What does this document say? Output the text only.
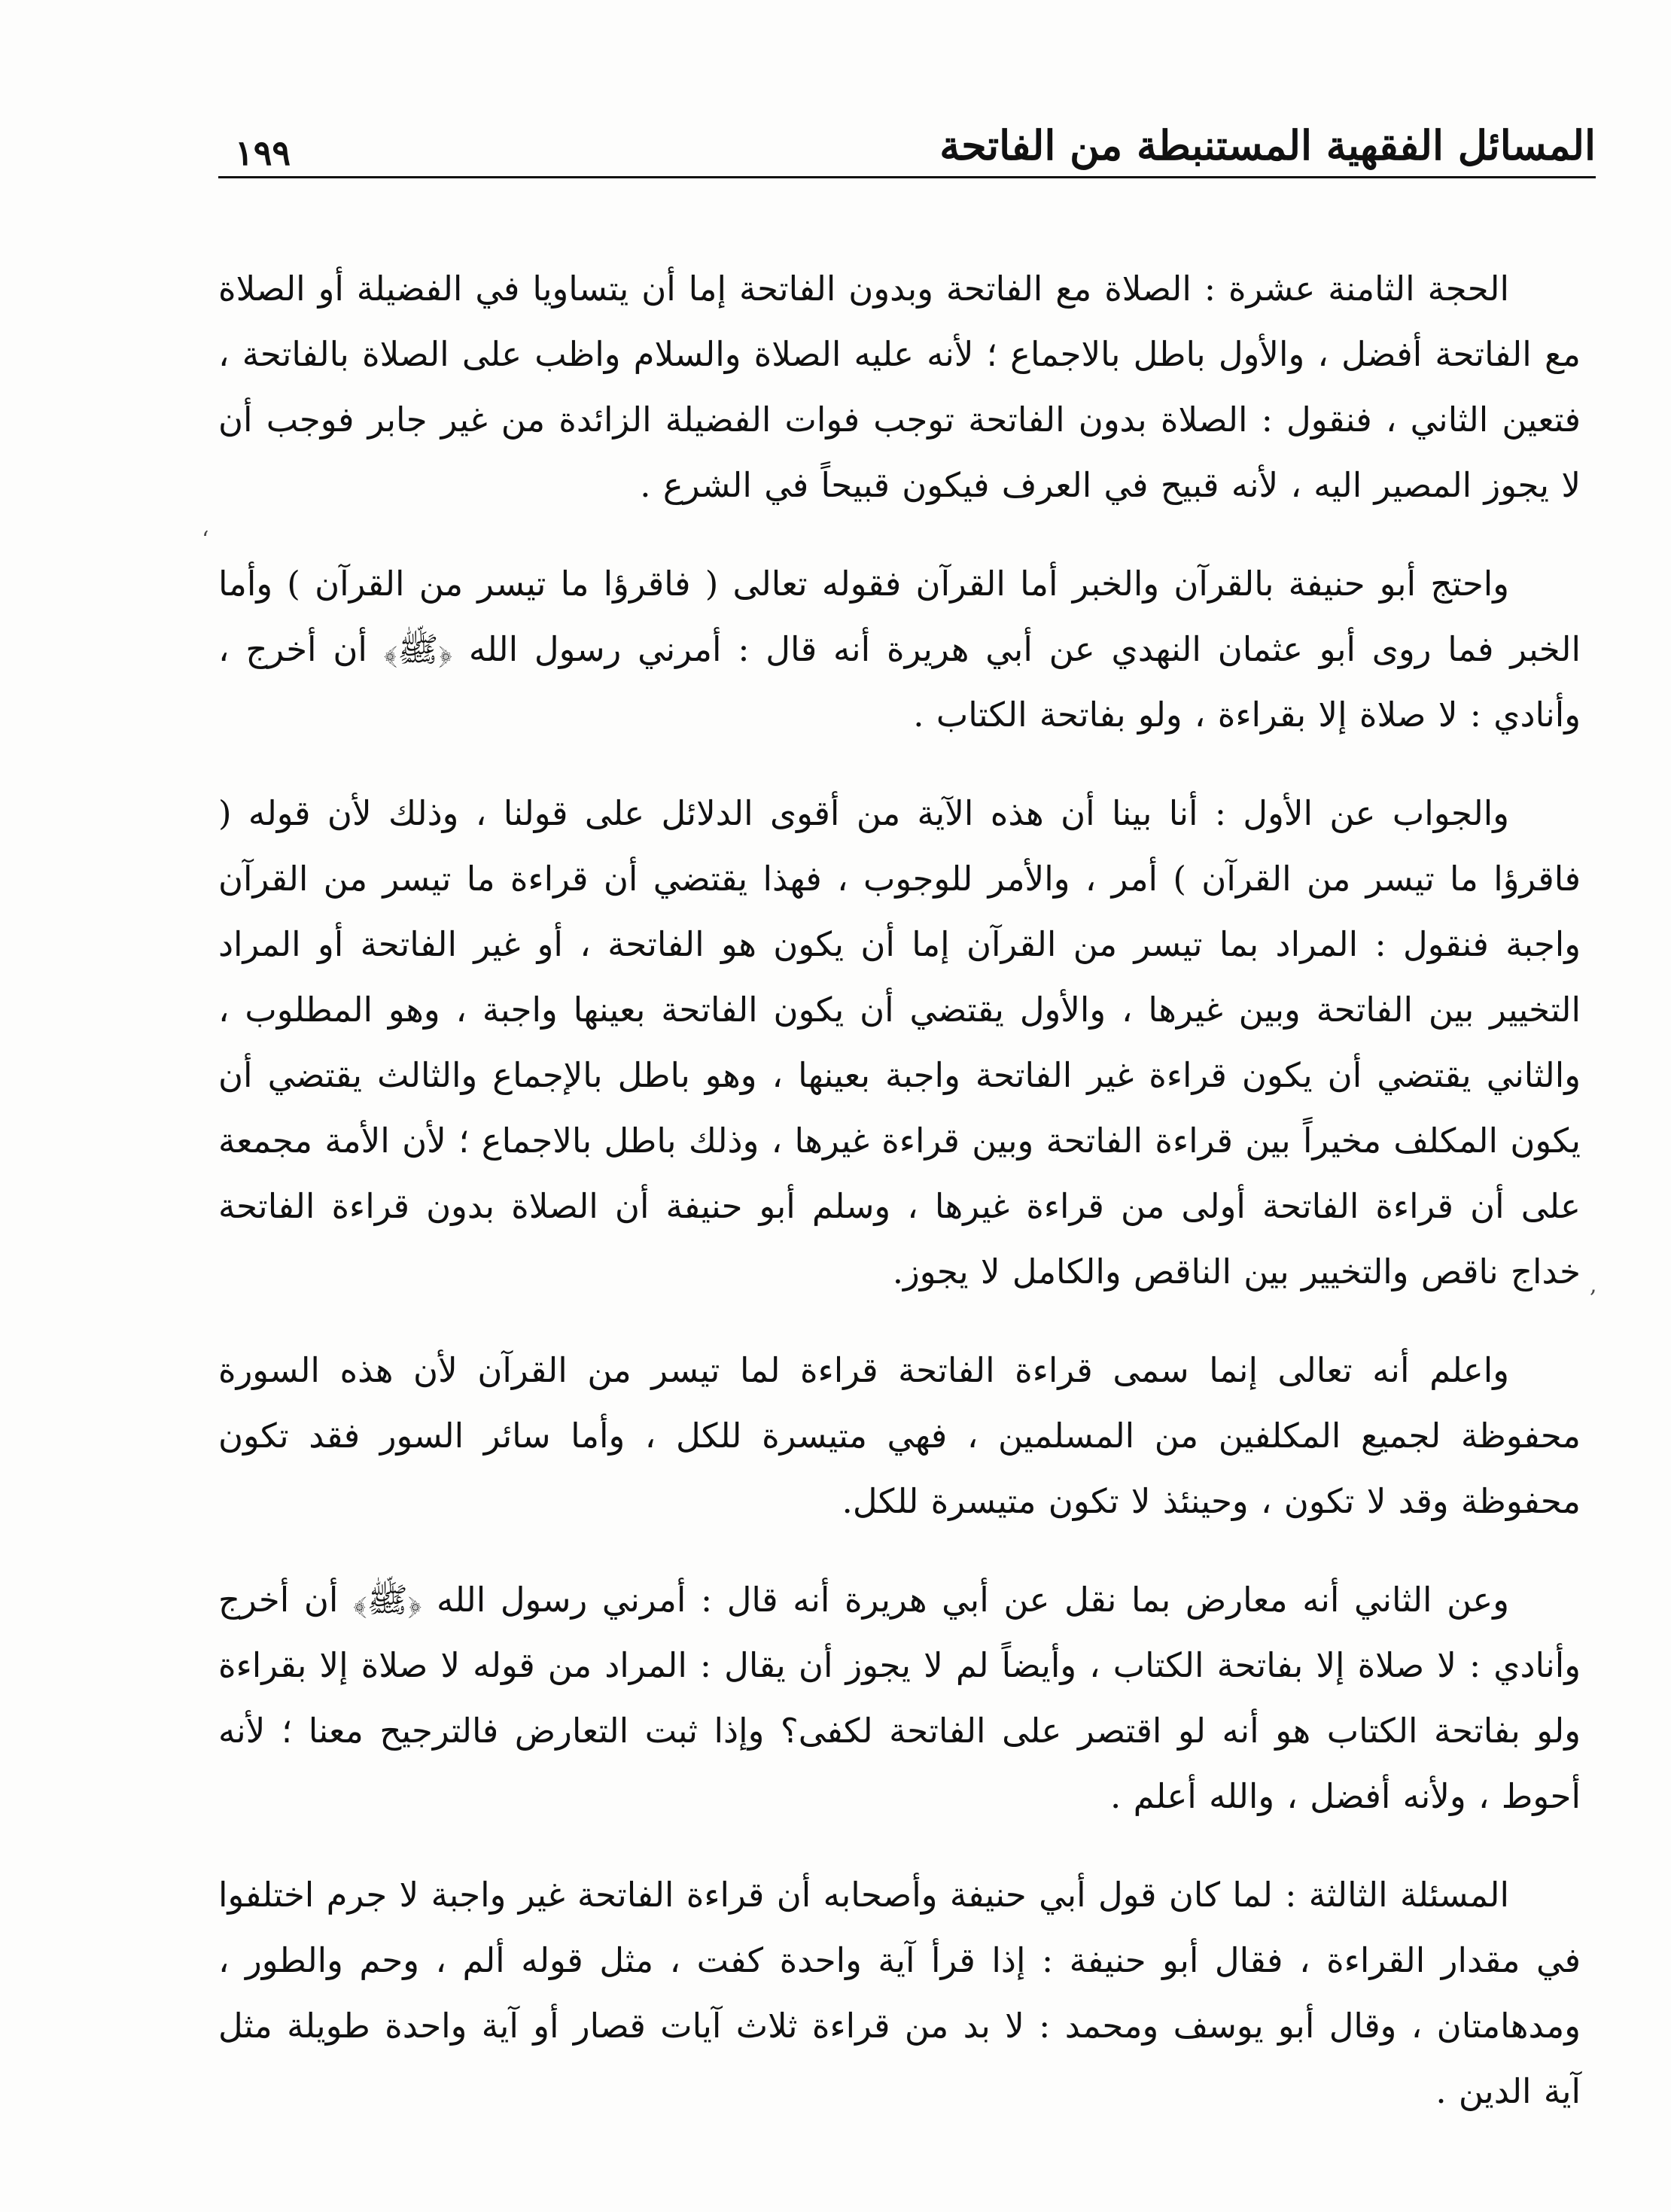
المسائل الفقهية المستنبطة من الفاتحة
١٩٩

الحجة الثامنة عشرة : الصلاة مع الفاتحة وبدون الفاتحة إما أن يتساويا في الفضيلة أو الصلاة مع الفاتحة أفضل ، والأول باطل بالاجماع ؛ لأنه عليه الصلاة والسلام واظب على الصلاة بالفاتحة ، فتعين الثاني ، فنقول : الصلاة بدون الفاتحة توجب فوات الفضيلة الزائدة من غير جابر فوجب أن لا يجوز المصير اليه ، لأنه قبيح في العرف فيكون قبيحاً في الشرع .

واحتج أبو حنيفة بالقرآن والخبر أما القرآن فقوله تعالى ( فاقرؤا ما تيسر من القرآن ) وأما الخبر فما روى أبو عثمان النهدي عن أبي هريرة أنه قال : أمرني رسول الله ﴿ﷺ﴾ أن أخرج ، وأنادي : لا صلاة إلا بقراءة ، ولو بفاتحة الكتاب .

والجواب عن الأول : أنا بينا أن هذه الآية من أقوى الدلائل على قولنا ، وذلك لأن قوله ( فاقرؤا ما تيسر من القرآن ) أمر ، والأمر للوجوب ، فهذا يقتضي أن قراءة ما تيسر من القرآن واجبة فنقول : المراد بما تيسر من القرآن إما أن يكون هو الفاتحة ، أو غير الفاتحة أو المراد التخيير بين الفاتحة وبين غيرها ، والأول يقتضي أن يكون الفاتحة بعينها واجبة ، وهو المطلوب ، والثاني يقتضي أن يكون قراءة غير الفاتحة واجبة بعينها ، وهو باطل بالإجماع والثالث يقتضي أن يكون المكلف مخيراً بين قراءة الفاتحة وبين قراءة غيرها ، وذلك باطل بالاجماع ؛ لأن الأمة مجمعة على أن قراءة الفاتحة أولى من قراءة غيرها ، وسلم أبو حنيفة أن الصلاة بدون قراءة الفاتحة خداج ناقص والتخيير بين الناقص والكامل لا يجوز.

واعلم أنه تعالى إنما سمى قراءة الفاتحة قراءة لما تيسر من القرآن لأن هذه السورة محفوظة لجميع المكلفين من المسلمين ، فهي متيسرة للكل ، وأما سائر السور فقد تكون محفوظة وقد لا تكون ، وحينئذ لا تكون متيسرة للكل.

وعن الثاني أنه معارض بما نقل عن أبي هريرة أنه قال : أمرني رسول الله ﴿ﷺ﴾ أن أخرج وأنادي : لا صلاة إلا بفاتحة الكتاب ، وأيضاً لم لا يجوز أن يقال : المراد من قوله لا صلاة إلا بقراءة ولو بفاتحة الكتاب هو أنه لو اقتصر على الفاتحة لكفى؟ وإذا ثبت التعارض فالترجيح معنا ؛ لأنه أحوط ، ولأنه أفضل ، والله أعلم .

المسئلة الثالثة : لما كان قول أبي حنيفة وأصحابه أن قراءة الفاتحة غير واجبة لا جرم اختلفوا في مقدار القراءة ، فقال أبو حنيفة : إذا قرأ آية واحدة كفت ، مثل قوله ألم ، وحم والطور ، ومدهامتان ، وقال أبو يوسف ومحمد : لا بد من قراءة ثلاث آيات قصار أو آية واحدة طويلة مثل آية الدين .

ʻ
,
